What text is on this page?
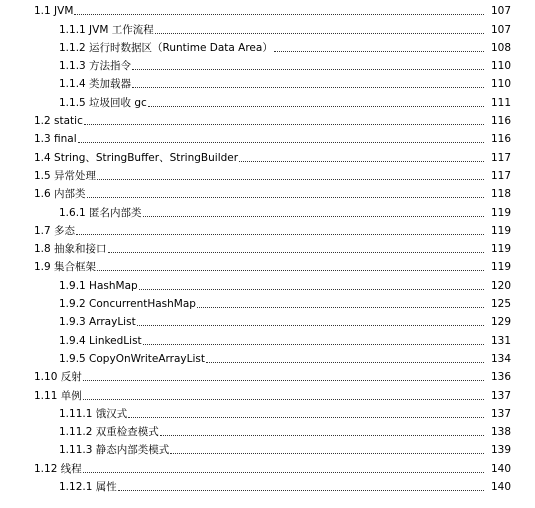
1.1 JVM	107
1.1.1 JVM 工作流程	107
1.1.2 运行时数据区（Runtime Data Area）	108
1.1.3 方法指令	110
1.1.4 类加载器	110
1.1.5 垃圾回收 gc	111
1.2 static	116
1.3 final	116
1.4 String、StringBuffer、StringBuilder	117
1.5 异常处理	117
1.6 内部类	118
1.6.1 匿名内部类	119
1.7 多态	119
1.8 抽象和接口	119
1.9 集合框架	119
1.9.1 HashMap	120
1.9.2 ConcurrentHashMap	125
1.9.3 ArrayList	129
1.9.4 LinkedList	131
1.9.5 CopyOnWriteArrayList	134
1.10 反射	136
1.11 单例	137
1.11.1 饿汉式	137
1.11.2 双重检查模式	138
1.11.3 静态内部类模式	139
1.12 线程	140
1.12.1 属性	140
